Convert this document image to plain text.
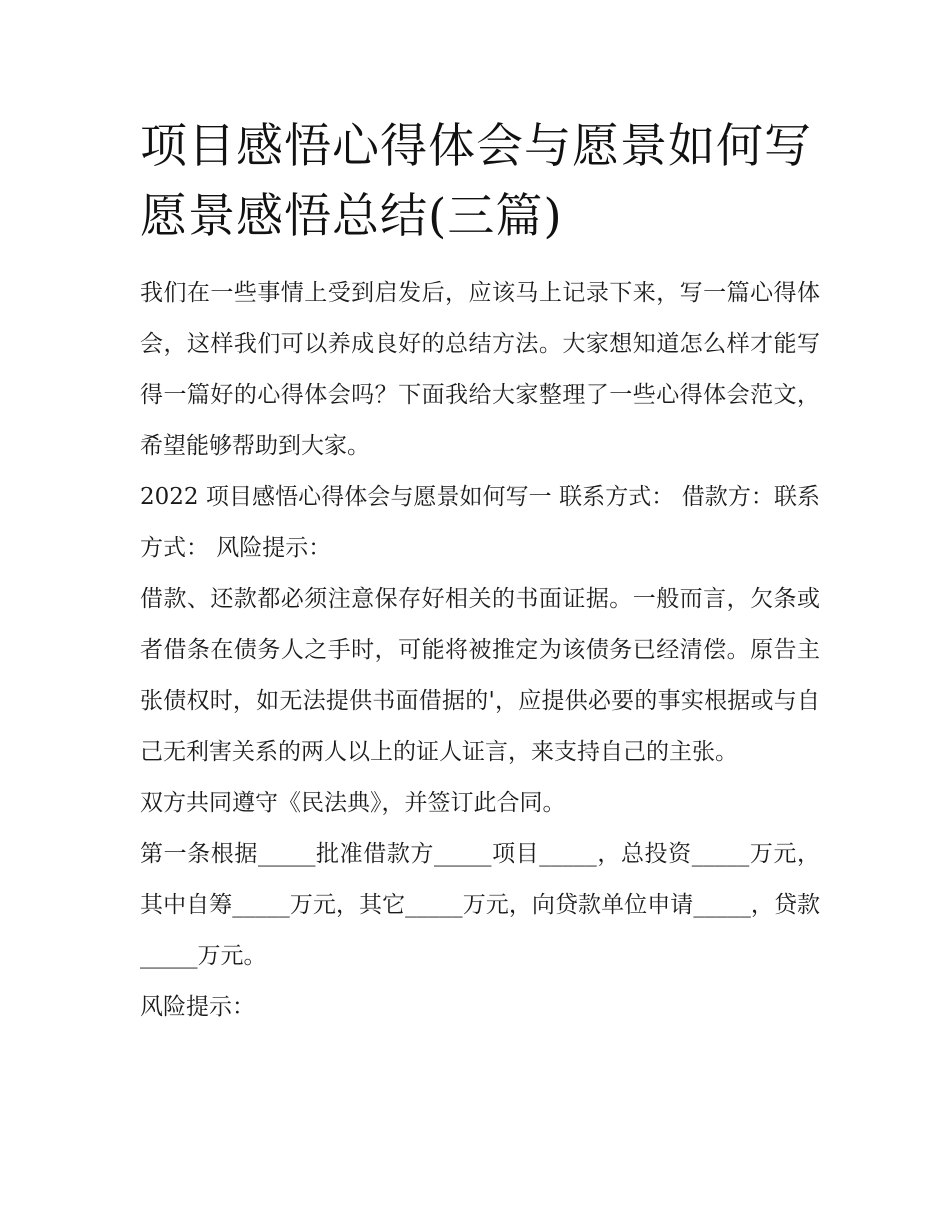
项目感悟心得体会与愿景如何写 愿景感悟总结(三篇)

我们在一些事情上受到启发后，应该马上记录下来，写一篇心得体会，这样我们可以养成良好的总结方法。大家想知道怎么样才能写得一篇好的心得体会吗？下面我给大家整理了一些心得体会范文，希望能够帮助到大家。

2022 项目感悟心得体会与愿景如何写一 联系方式： 借款方：联系方式： 风险提示：

借款、还款都必须注意保存好相关的书面证据。一般而言，欠条或者借条在债务人之手时，可能将被推定为该债务已经清偿。原告主张债权时，如无法提供书面借据的'，应提供必要的事实根据或与自己无利害关系的两人以上的证人证言，来支持自己的主张。

双方共同遵守《民法典》，并签订此合同。

第一条根据_____批准借款方_____项目_____，总投资_____万元，其中自筹_____万元，其它_____万元，向贷款单位申请_____，贷款_____万元。

风险提示：
